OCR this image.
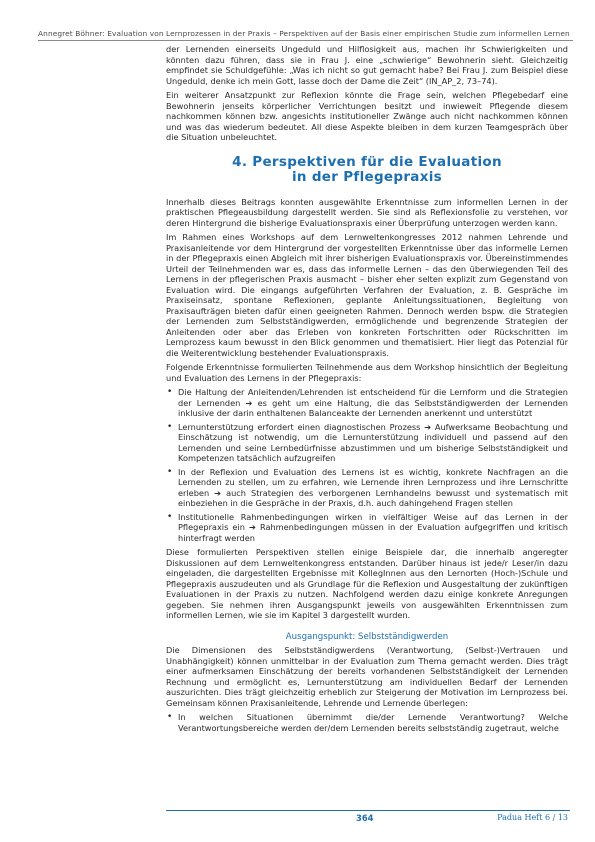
Annegret Böhner: Evaluation von Lernprozessen in der Praxis – Perspektiven auf der Basis einer empirischen Studie zum informellen Lernen

der Lernenden einerseits Ungeduld und Hilflosigkeit aus, machen ihr Schwierigkeiten und könnten dazu führen, dass sie in Frau J. eine „schwierige“ Bewohnerin sieht. Gleichzeitig empfindet sie Schuldgefühle: „Was ich nicht so gut gemacht habe? Bei Frau J. zum Beispiel diese Ungeduld, denke ich mein Gott, lasse doch der Dame die Zeit“ (IN_AP_2, 73–74).

Ein weiterer Ansatzpunkt zur Reflexion könnte die Frage sein, welchen Pflegebedarf eine Bewohnerin jenseits körperlicher Verrichtungen besitzt und inwieweit Pflegende diesem nachkommen können bzw. angesichts institutioneller Zwänge auch nicht nachkommen können und was das wiederum bedeutet. All diese Aspekte bleiben in dem kurzen Teamgespräch über die Situation unbeleuchtet.

4. Perspektiven für die Evaluation
in der Pflegepraxis

Innerhalb dieses Beitrags konnten ausgewählte Erkenntnisse zum informellen Lernen in der praktischen Pflegeausbildung dargestellt werden. Sie sind als Reflexionsfolie zu verstehen, vor deren Hintergrund die bisherige Evaluationspraxis einer Überprüfung unterzogen werden kann.

Im Rahmen eines Workshops auf dem Lernweltenkongresses 2012 nahmen Lehrende und Praxisanleitende vor dem Hintergrund der vorgestellten Erkenntnisse über das informelle Lernen in der Pflegepraxis einen Abgleich mit ihrer bisherigen Evaluationspraxis vor. Übereinstimmendes Urteil der Teilnehmenden war es, dass das informelle Lernen – das den überwiegenden Teil des Lernens in der pflegerischen Praxis ausmacht – bisher eher selten explizit zum Gegenstand von Evaluation wird. Die eingangs aufgeführten Verfahren der Evaluation, z. B. Gespräche im Praxiseinsatz, spontane Reflexionen, geplante Anleitungssituationen, Begleitung von Praxisaufträgen bieten dafür einen geeigneten Rahmen. Dennoch werden bspw. die Strategien der Lernenden zum Selbstständigwerden, ermöglichende und begrenzende Strategien der Anleitenden oder aber das Erleben von konkreten Fortschritten oder Rückschritten im Lernprozess kaum bewusst in den Blick genommen und thematisiert. Hier liegt das Potenzial für die Weiterentwicklung bestehender Evaluationspraxis.

Folgende Erkenntnisse formulierten Teilnehmende aus dem Workshop hinsichtlich der Begleitung und Evaluation des Lernens in der Pflegepraxis:

• Die Haltung der Anleitenden/Lehrenden ist entscheidend für die Lernform und die Strategien der Lernenden ➔ es geht um eine Haltung, die das Selbstständigwerden der Lernenden inklusive der darin enthaltenen Balanceakte der Lernenden anerkennt und unterstützt
• Lernunterstützung erfordert einen diagnostischen Prozess ➔ Aufwerksame Beobachtung und Einschätzung ist notwendig, um die Lernunterstützung individuell und passend auf den Lernenden und seine Lernbedürfnisse abzustimmen und um bisherige Selbstständigkeit und Kompetenzen tatsächlich aufzugreifen
• In der Reflexion und Evaluation des Lernens ist es wichtig, konkrete Nachfragen an die Lernenden zu stellen, um zu erfahren, wie Lernende ihren Lernprozess und ihre Lernschritte erleben ➔ auch Strategien des verborgenen Lernhandelns bewusst und systematisch mit einbeziehen in die Gespräche in der Praxis, d.h. auch dahingehend Fragen stellen
• Institutionelle Rahmenbedingungen wirken in vielfältiger Weise auf das Lernen in der Pflegepraxis ein ➔ Rahmenbedingungen müssen in der Evaluation aufgegriffen und kritisch hinterfragt werden

Diese formulierten Perspektiven stellen einige Beispiele dar, die innerhalb angeregter Diskussionen auf dem Lernweltenkongress entstanden. Darüber hinaus ist jede/r Leser/in dazu eingeladen, die dargestellten Ergebnisse mit KollegInnen aus den Lernorten (Hoch-)Schule und Pflegepraxis auszudeuten und als Grundlage für die Reflexion und Ausgestaltung der zukünftigen Evaluationen in der Praxis zu nutzen. Nachfolgend werden dazu einige konkrete Anregungen gegeben. Sie nehmen ihren Ausgangspunkt jeweils von ausgewählten Erkenntnissen zum informellen Lernen, wie sie im Kapitel 3 dargestellt wurden.

Ausgangspunkt: Selbstständigwerden

Die Dimensionen des Selbstständigwerdens (Verantwortung, (Selbst-)Vertrauen und Unabhängigkeit) können unmittelbar in der Evaluation zum Thema gemacht werden. Dies trägt einer aufmerksamen Einschätzung der bereits vorhandenen Selbstständigkeit der Lernenden Rechnung und ermöglicht es, Lernunterstützung am individuellen Bedarf der Lernenden auszurichten. Dies trägt gleichzeitig erheblich zur Steigerung der Motivation im Lernprozess bei. Gemeinsam können Praxisanleitende, Lehrende und Lernende überlegen:

• In welchen Situationen übernimmt die/der Lernende Verantwortung? Welche Verantwortungsbereiche werden der/dem Lernenden bereits selbstständig zugetraut, welche
364	Padua Heft 6 / 13
